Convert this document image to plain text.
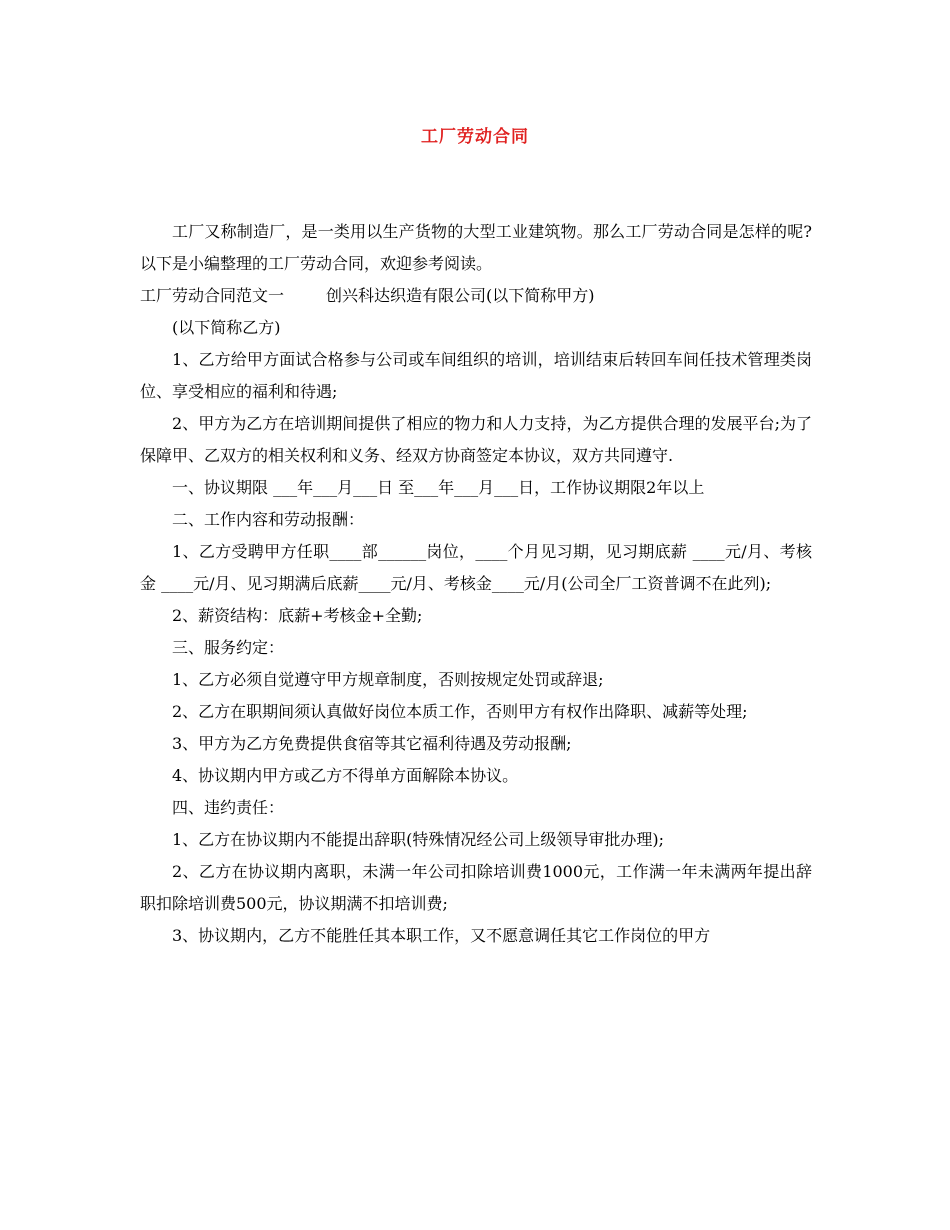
工厂劳动合同

工厂又称制造厂，是一类用以生产货物的大型工业建筑物。那么工厂劳动合同是怎样的呢?以下是小编整理的工厂劳动合同，欢迎参考阅读。

工厂劳动合同范文一	创兴科达织造有限公司(以下简称甲方)

(以下简称乙方)

1、乙方给甲方面试合格参与公司或车间组织的培训，培训结束后转回车间任技术管理类岗位、享受相应的福利和待遇;

2、甲方为乙方在培训期间提供了相应的物力和人力支持，为乙方提供合理的发展平台;为了保障甲、乙双方的相关权利和义务、经双方协商签定本协议，双方共同遵守.

一、协议期限 ___年___月___日 至___年___月___日，工作协议期限2年以上

二、工作内容和劳动报酬：

1、乙方受聘甲方任职____部______岗位，____个月见习期，见习期底薪 ____元/月、考核金 ____元/月、见习期满后底薪____元/月、考核金____元/月(公司全厂工资普调不在此列);

2、薪资结构：底薪+考核金+全勤;

三、服务约定：

1、乙方必须自觉遵守甲方规章制度，否则按规定处罚或辞退;

2、乙方在职期间须认真做好岗位本质工作，否则甲方有权作出降职、减薪等处理;

3、甲方为乙方免费提供食宿等其它福利待遇及劳动报酬;

4、协议期内甲方或乙方不得单方面解除本协议。

四、违约责任：

1、乙方在协议期内不能提出辞职(特殊情况经公司上级领导审批办理);

2、乙方在协议期内离职，未满一年公司扣除培训费1000元，工作满一年未满两年提出辞职扣除培训费500元，协议期满不扣培训费;

3、协议期内，乙方不能胜任其本职工作，又不愿意调任其它工作岗位的甲方
